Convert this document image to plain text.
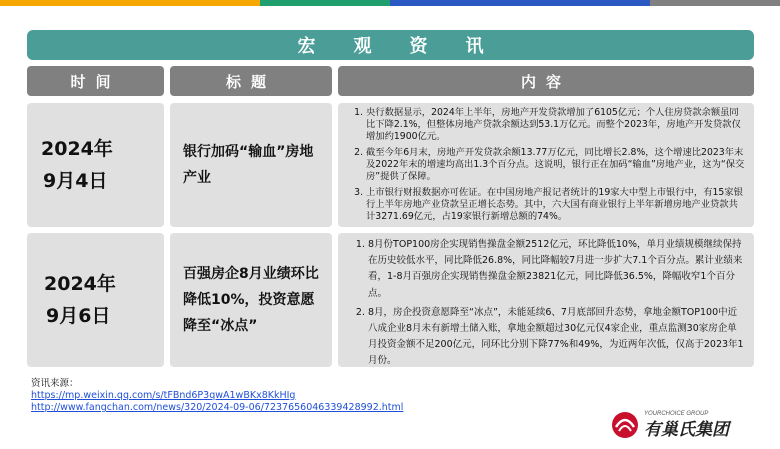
宏观资讯
时间	标题	内容
2024年
9月4日
银行加码“输血”房地产业
1. 央行数据显示，2024年上半年，房地产开发贷款增加了6105亿元；个人住房贷款余额虽同比下降2.1%，但整体房地产贷款余额达到53.1万亿元。而整个2023年，房地产开发贷款仅增加约1900亿元。
2. 截至今年6月末，房地产开发贷款余额13.77万亿元，同比增长2.8%，这个增速比2023年末及2022年末的增速均高出1.3个百分点。这说明，银行正在加码“输血”房地产业，这为“保交房”提供了保障。
3. 上市银行财报数据亦可佐证。在中国房地产报记者统计的19家大中型上市银行中，有15家银行上半年房地产业贷款呈正增长态势。其中，六大国有商业银行上半年新增房地产业贷款共计3271.69亿元，占19家银行新增总额的74%。
2024年
9月6日
百强房企8月业绩环比降低10%，投资意愿降至“冰点”
1. 8月份TOP100房企实现销售操盘金额2512亿元，环比降低10%，单月业绩规模继续保持在历史较低水平，同比降低26.8%，同比降幅较7月进一步扩大7.1个百分点。累计业绩来看，1-8月百强房企实现销售操盘金额23821亿元，同比降低36.5%，降幅收窄1个百分点。
2. 8月，房企投资意愿降至“冰点”，未能延续6、7月底部回升态势，拿地金额TOP100中近八成企业8月未有新增土储入账，拿地金额超过30亿元仅4家企业，重点监测30家房企单月投资金额不足200亿元，同环比分别下降77%和49%，为近两年次低，仅高于2023年1月份。
资讯来源：
https://mp.weixin.qq.com/s/tFBnd6P3qwA1wBKx8KkHIg
http://www.fangchan.com/news/320/2024-09-06/7237656046339428992.html
YOURCHOICE GROUP
有巢氏集团
